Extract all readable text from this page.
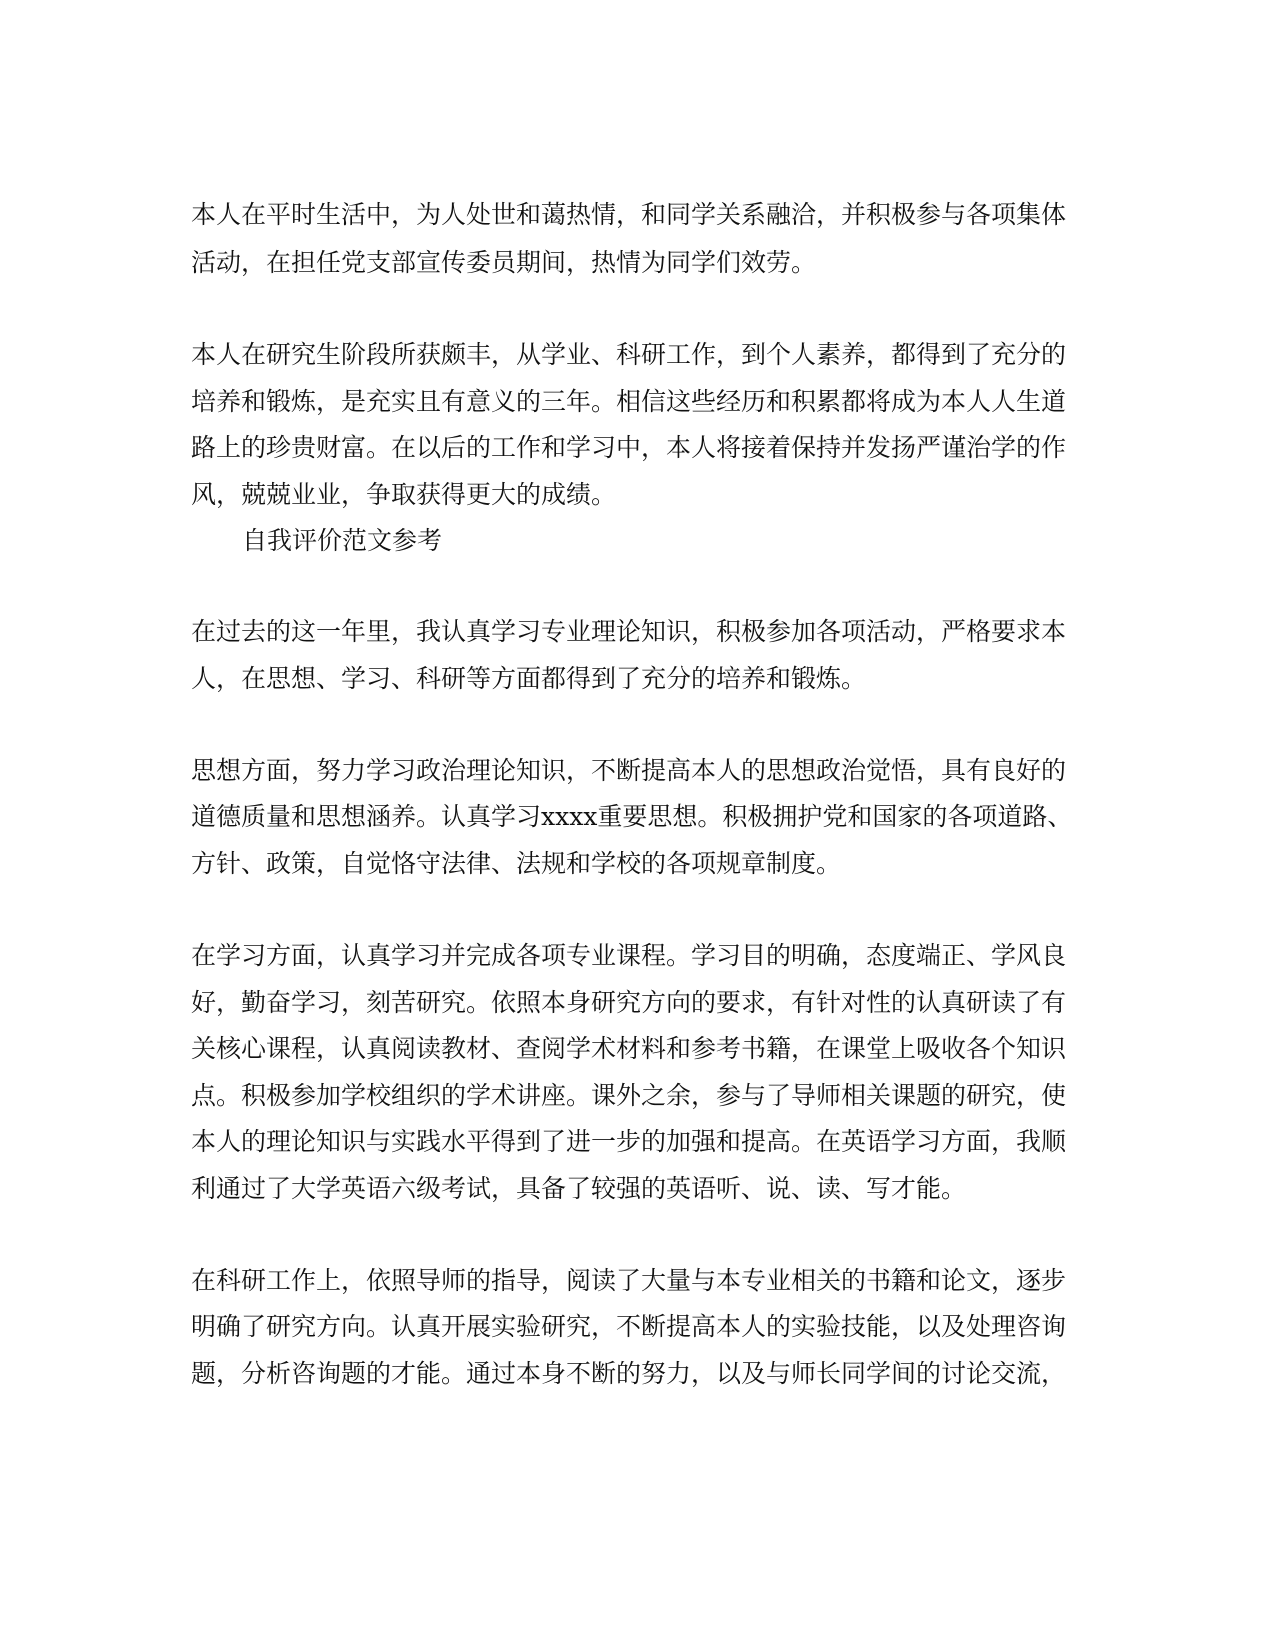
本人在平时生活中，为人处世和蔼热情，和同学关系融洽，并积极参与各项集体
活动，在担任党支部宣传委员期间，热情为同学们效劳。
本人在研究生阶段所获颇丰，从学业、科研工作，到个人素养，都得到了充分的
培养和锻炼，是充实且有意义的三年。相信这些经历和积累都将成为本人人生道
路上的珍贵财富。在以后的工作和学习中，本人将接着保持并发扬严谨治学的作
风，兢兢业业，争取获得更大的成绩。
自我评价范文参考
在过去的这一年里，我认真学习专业理论知识，积极参加各项活动，严格要求本
人，在思想、学习、科研等方面都得到了充分的培养和锻炼。
思想方面，努力学习政治理论知识，不断提高本人的思想政治觉悟，具有良好的
道德质量和思想涵养。认真学习xxxx重要思想。积极拥护党和国家的各项道路、
方针、政策，自觉恪守法律、法规和学校的各项规章制度。
在学习方面，认真学习并完成各项专业课程。学习目的明确，态度端正、学风良
好，勤奋学习，刻苦研究。依照本身研究方向的要求，有针对性的认真研读了有
关核心课程，认真阅读教材、查阅学术材料和参考书籍，在课堂上吸收各个知识
点。积极参加学校组织的学术讲座。课外之余，参与了导师相关课题的研究，使
本人的理论知识与实践水平得到了进一步的加强和提高。在英语学习方面，我顺
利通过了大学英语六级考试，具备了较强的英语听、说、读、写才能。
在科研工作上，依照导师的指导，阅读了大量与本专业相关的书籍和论文，逐步
明确了研究方向。认真开展实验研究，不断提高本人的实验技能，以及处理咨询
题，分析咨询题的才能。通过本身不断的努力，以及与师长同学间的讨论交流，
